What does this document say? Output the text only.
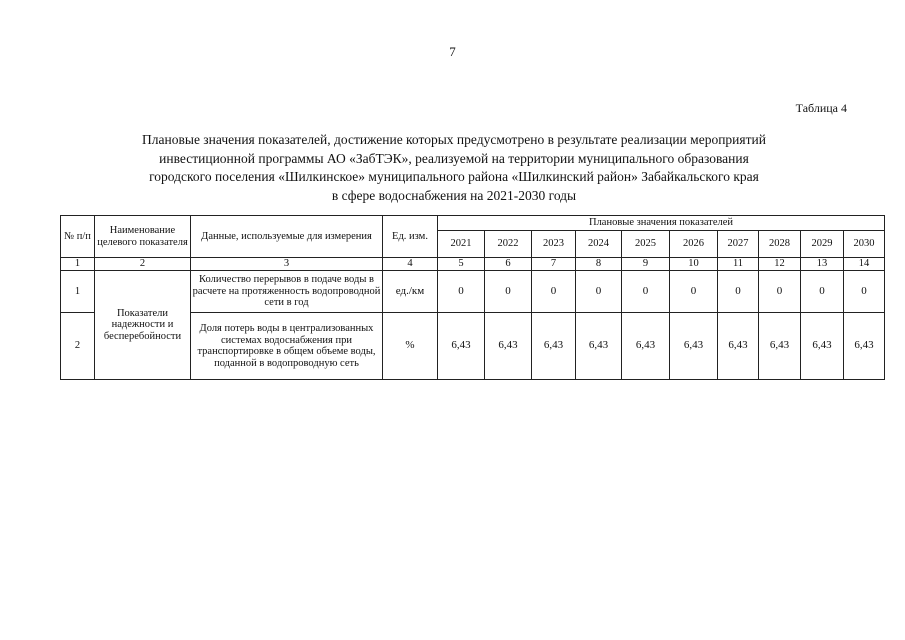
7
Таблица 4
Плановые значения показателей, достижение которых предусмотрено в результате реализации мероприятий
инвестиционной программы АО «ЗабТЭК», реализуемой на территории муниципального образования
городского поселения «Шилкинское» муниципального района «Шилкинский район» Забайкальского края
в сфере водоснабжения на 2021-2030 годы
№ п/п	Наименование целевого показателя	Данные, используемые для измерения	Ед. изм.	Плановые значения показателей									
				2021	2022	2023	2024	2025	2026	2027	2028	2029	2030
1	2	3	4	5	6	7	8	9	10	11	12	13	14
1	Показатели надежности и бесперебойности	Количество перерывов в подаче воды в расчете на протяженность водопроводной сети в год	ед./км	0	0	0	0	0	0	0	0	0	0
2		Доля потерь воды в централизованных системах водоснабжения при транспортировке в общем объеме воды, поданной в водопроводную сеть	%	6,43	6,43	6,43	6,43	6,43	6,43	6,43	6,43	6,43	6,43
